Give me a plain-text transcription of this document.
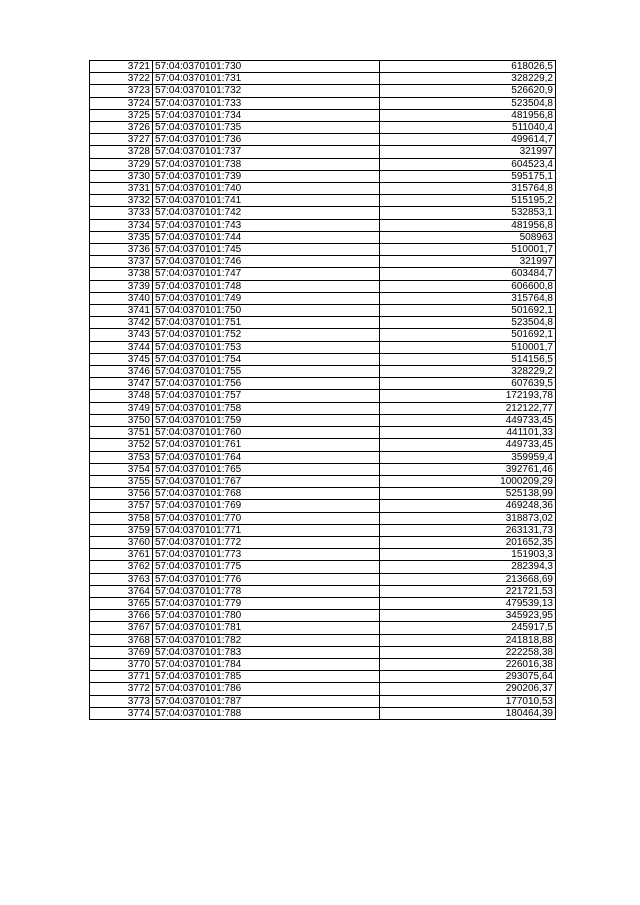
3721	57:04:0370101:730	618026,5
3722	57:04:0370101:731	328229,2
3723	57:04:0370101:732	526620,9
3724	57:04:0370101:733	523504,8
3725	57:04:0370101:734	481956,8
3726	57:04:0370101:735	511040,4
3727	57:04:0370101:736	499614,7
3728	57:04:0370101:737	321997
3729	57:04:0370101:738	604523,4
3730	57:04:0370101:739	595175,1
3731	57:04:0370101:740	315764,8
3732	57:04:0370101:741	515195,2
3733	57:04:0370101:742	532853,1
3734	57:04:0370101:743	481956,8
3735	57:04:0370101:744	508963
3736	57:04:0370101:745	510001,7
3737	57:04:0370101:746	321997
3738	57:04:0370101:747	603484,7
3739	57:04:0370101:748	606600,8
3740	57:04:0370101:749	315764,8
3741	57:04:0370101:750	501692,1
3742	57:04:0370101:751	523504,8
3743	57:04:0370101:752	501692,1
3744	57:04:0370101:753	510001,7
3745	57:04:0370101:754	514156,5
3746	57:04:0370101:755	328229,2
3747	57:04:0370101:756	607639,5
3748	57:04:0370101:757	172193,78
3749	57:04:0370101:758	212122,77
3750	57:04:0370101:759	449733,45
3751	57:04:0370101:760	441101,33
3752	57:04:0370101:761	449733,45
3753	57:04:0370101:764	359959,4
3754	57:04:0370101:765	392761,46
3755	57:04:0370101:767	1000209,29
3756	57:04:0370101:768	525138,99
3757	57:04:0370101:769	469248,36
3758	57:04:0370101:770	318873,02
3759	57:04:0370101:771	263131,73
3760	57:04:0370101:772	201652,35
3761	57:04:0370101:773	151903,3
3762	57:04:0370101:775	282394,3
3763	57:04:0370101:776	213668,69
3764	57:04:0370101:778	221721,53
3765	57:04:0370101:779	479539,13
3766	57:04:0370101:780	345923,95
3767	57:04:0370101:781	245917,5
3768	57:04:0370101:782	241818,88
3769	57:04:0370101:783	222258,38
3770	57:04:0370101:784	226016,38
3771	57:04:0370101:785	293075,64
3772	57:04:0370101:786	290206,37
3773	57:04:0370101:787	177010,53
3774	57:04:0370101:788	180464,39
